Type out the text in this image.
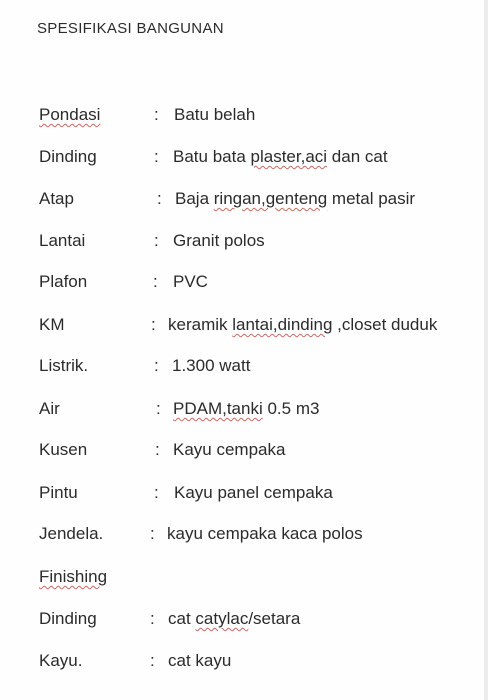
SPESIFIKASI BANGUNAN
Pondasi	: Batu belah
Dinding	: Batu bata plaster,aci dan cat
Atap	: Baja ringan,genteng metal pasir
Lantai	: Granit polos
Plafon	: PVC
KM	: keramik lantai,dinding ,closet duduk
Listrik.	: 1.300 watt
Air	: PDAM,tanki 0.5 m3
Kusen	: Kayu cempaka
Pintu	: Kayu panel cempaka
Jendela.	: kayu cempaka kaca polos
Finishing
Dinding	: cat catylac/setara
Kayu.	: cat kayu
